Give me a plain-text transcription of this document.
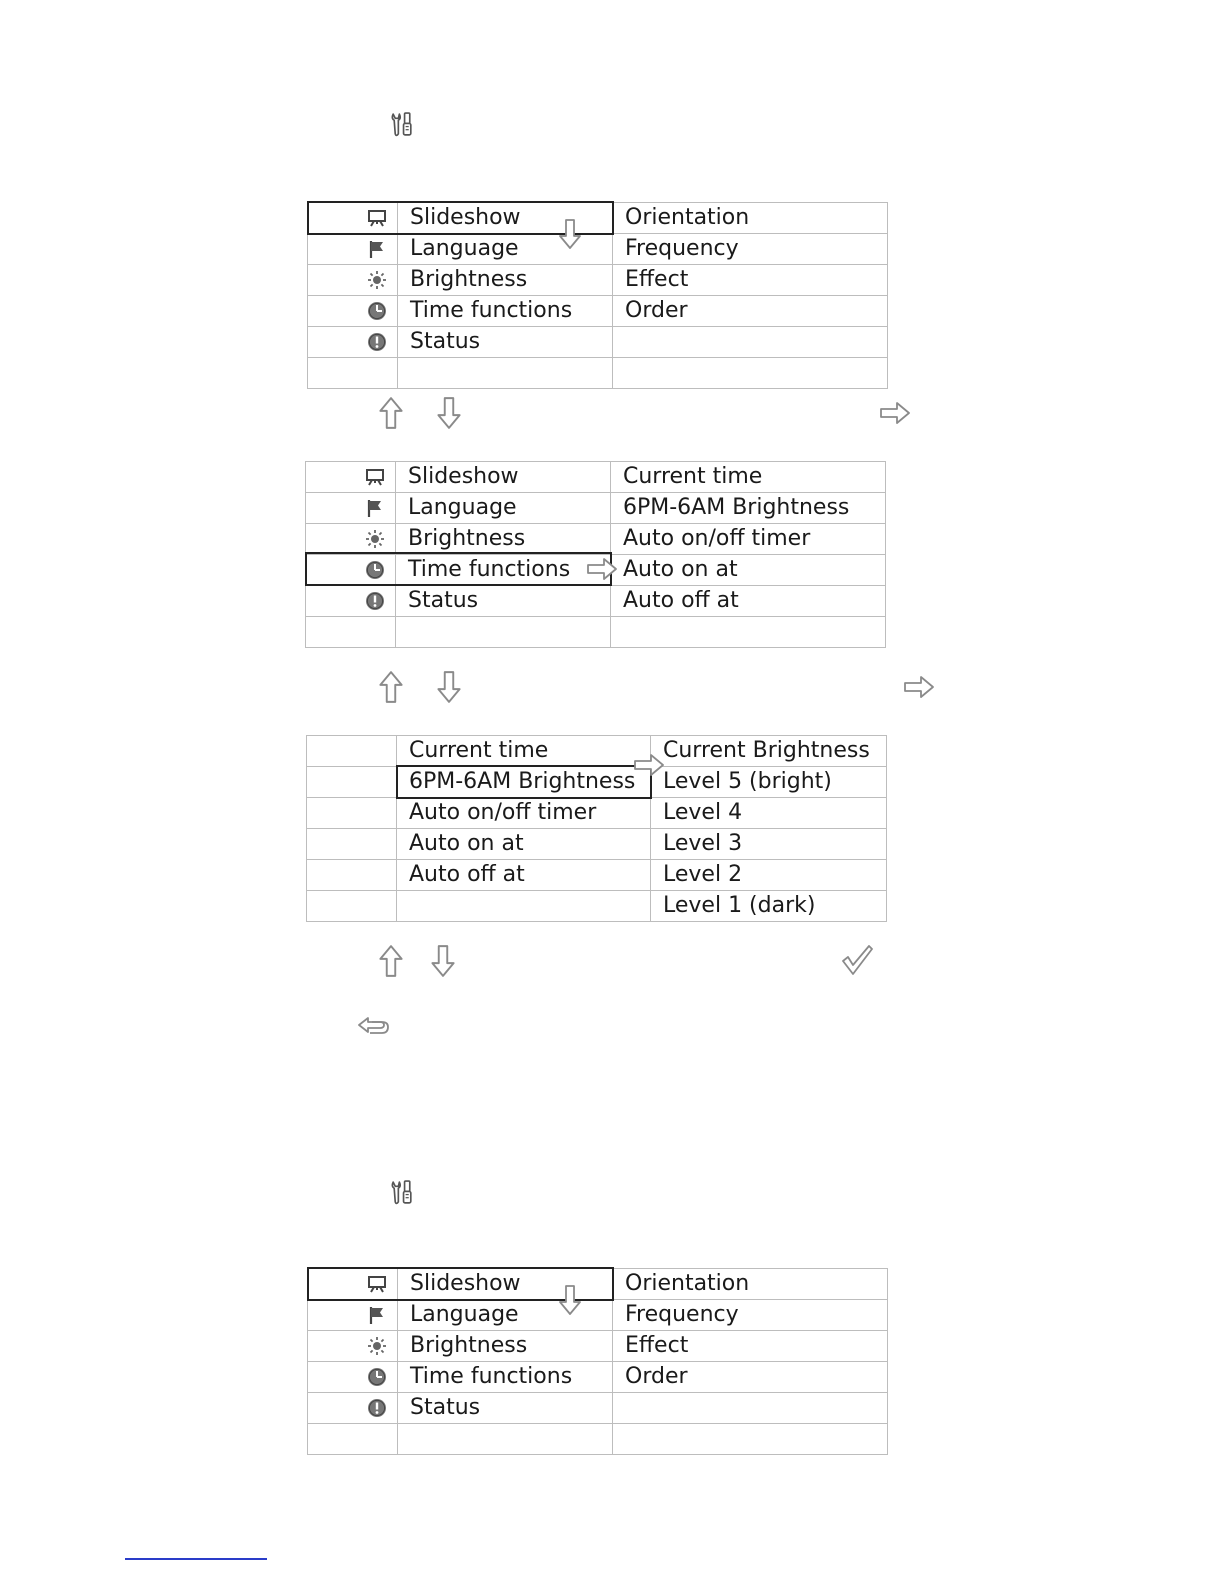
	Slideshow	Orientation
	Language	Frequency
	Brightness	Effect
	Time functions	Order
	Status	

	Slideshow	Current time
	Language	6PM-6AM Brightness
	Brightness	Auto on/off timer
	Time functions	Auto on at
	Status	Auto off at

	Current time	Current Brightness
	6PM-6AM Brightness	Level 5 (bright)
	Auto on/off timer	Level 4
	Auto on at	Level 3
	Auto off at	Level 2
		Level 1 (dark)
	Slideshow	Orientation
	Language	Frequency
	Brightness	Effect
	Time functions	Order
	Status	
